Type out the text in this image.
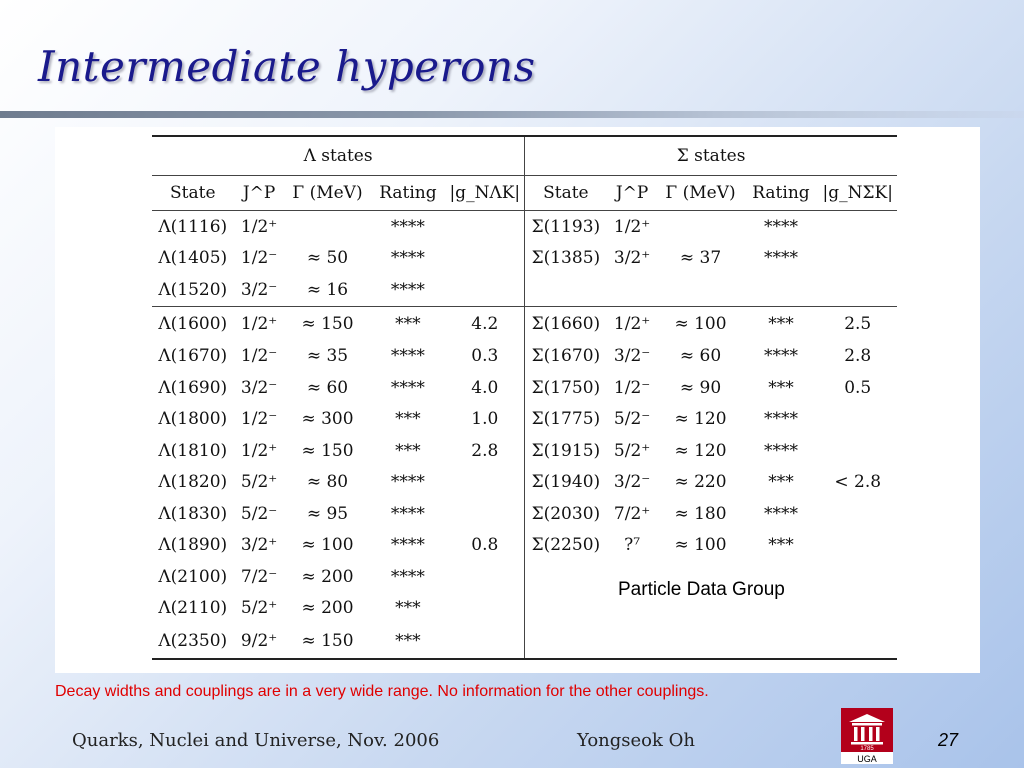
Intermediate hyperons
Λ states					Σ states				
State	J^P	Γ (MeV)	Rating	|g_NΛK|	State	J^P	Γ (MeV)	Rating	|g_NΣK|
Λ(1116)	1/2⁺		****		Σ(1193)	1/2⁺		****	
Λ(1405)	1/2⁻	≈ 50	****		Σ(1385)	3/2⁺	≈ 37	****	
Λ(1520)	3/2⁻	≈ 16	****						
Λ(1600)	1/2⁺	≈ 150	***	4.2	Σ(1660)	1/2⁺	≈ 100	***	2.5
Λ(1670)	1/2⁻	≈ 35	****	0.3	Σ(1670)	3/2⁻	≈ 60	****	2.8
Λ(1690)	3/2⁻	≈ 60	****	4.0	Σ(1750)	1/2⁻	≈ 90	***	0.5
Λ(1800)	1/2⁻	≈ 300	***	1.0	Σ(1775)	5/2⁻	≈ 120	****	
Λ(1810)	1/2⁺	≈ 150	***	2.8	Σ(1915)	5/2⁺	≈ 120	****	
Λ(1820)	5/2⁺	≈ 80	****		Σ(1940)	3/2⁻	≈ 220	***	< 2.8
Λ(1830)	5/2⁻	≈ 95	****		Σ(2030)	7/2⁺	≈ 180	****	
Λ(1890)	3/2⁺	≈ 100	****	0.8	Σ(2250)	?⁷	≈ 100	***	
Λ(2100)	7/2⁻	≈ 200	****						
Λ(2110)	5/2⁺	≈ 200	***						
Λ(2350)	9/2⁺	≈ 150	***						
Particle Data Group
Decay widths and couplings are in a very wide range. No information for the other couplings.
Quarks, Nuclei and Universe, Nov. 2006	Yongseok Oh	1785
UGA
27
